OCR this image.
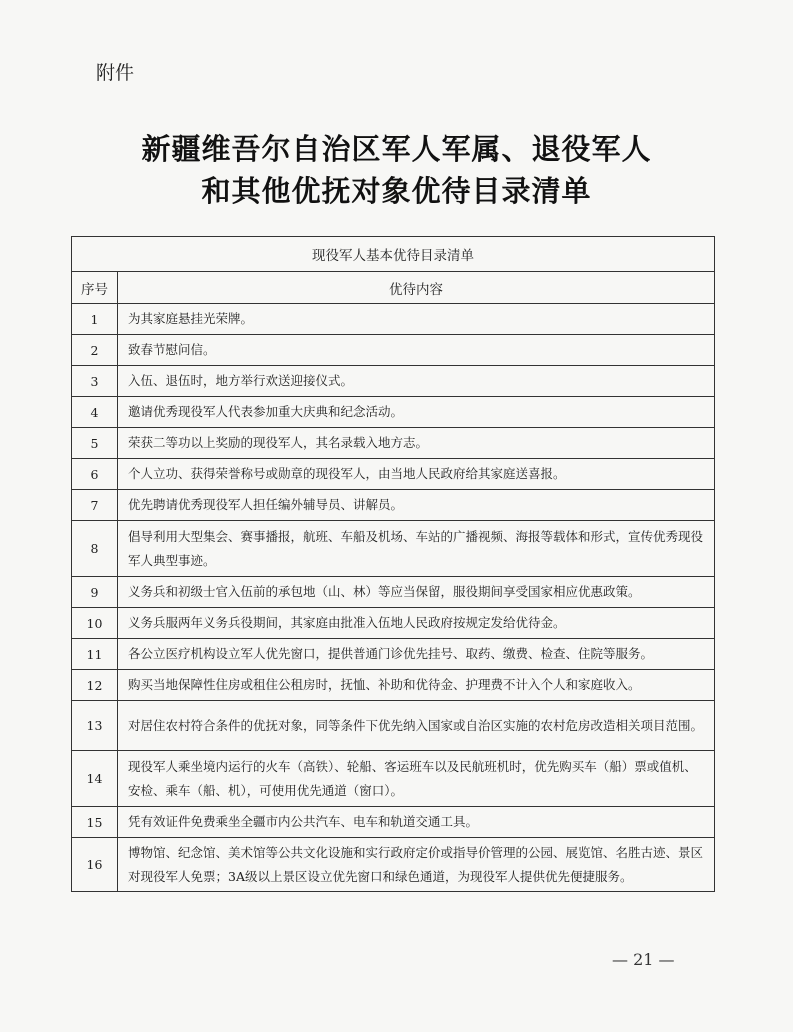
附件
新疆维吾尔自治区军人军属、退役军人
和其他优抚对象优待目录清单
现役军人基本优待目录清单	
序号	优待内容
1	为其家庭悬挂光荣牌。
2	致春节慰问信。
3	入伍、退伍时，地方举行欢送迎接仪式。
4	邀请优秀现役军人代表参加重大庆典和纪念活动。
5	荣获二等功以上奖励的现役军人，其名录载入地方志。
6	个人立功、获得荣誉称号或勋章的现役军人，由当地人民政府给其家庭送喜报。
7	优先聘请优秀现役军人担任编外辅导员、讲解员。
8	倡导利用大型集会、赛事播报，航班、车船及机场、车站的广播视频、海报等载体和形式，宣传优秀现役军人典型事迹。
9	义务兵和初级士官入伍前的承包地（山、林）等应当保留，服役期间享受国家相应优惠政策。
10	义务兵服两年义务兵役期间，其家庭由批准入伍地人民政府按规定发给优待金。
11	各公立医疗机构设立军人优先窗口，提供普通门诊优先挂号、取药、缴费、检查、住院等服务。
12	购买当地保障性住房或租住公租房时，抚恤、补助和优待金、护理费不计入个人和家庭收入。
13	对居住农村符合条件的优抚对象，同等条件下优先纳入国家或自治区实施的农村危房改造相关项目范围。
14	现役军人乘坐境内运行的火车（高铁）、轮船、客运班车以及民航班机时，优先购买车（船）票或值机、安检、乘车（船、机），可使用优先通道（窗口）。
15	凭有效证件免费乘坐全疆市内公共汽车、电车和轨道交通工具。
16	博物馆、纪念馆、美术馆等公共文化设施和实行政府定价或指导价管理的公园、展览馆、名胜古迹、景区对现役军人免票；3A级以上景区设立优先窗口和绿色通道，为现役军人提供优先便捷服务。
— 21 —
